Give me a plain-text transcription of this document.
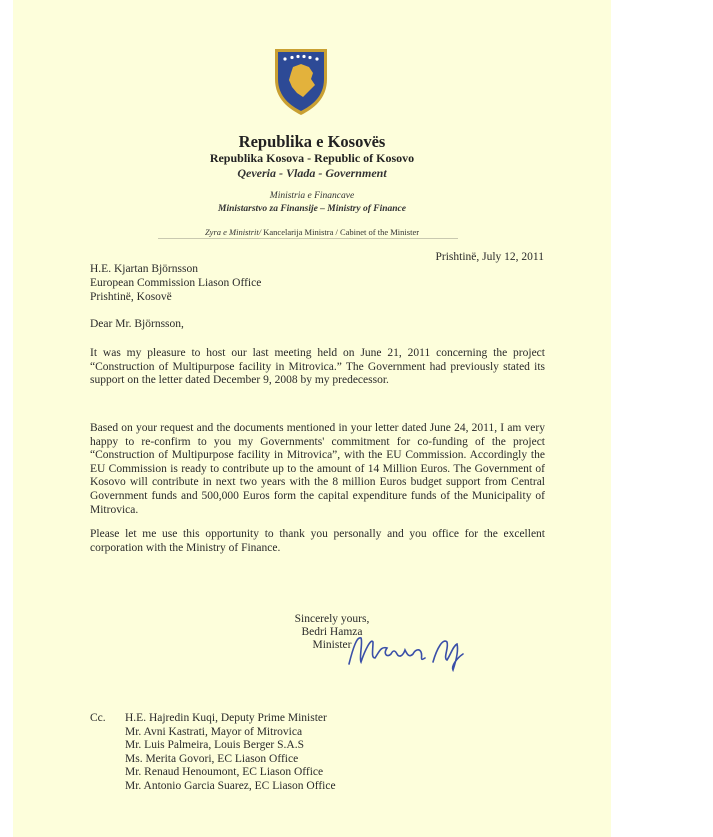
Republika e Kosovës
Republika Kosova - Republic of Kosovo
Qeveria - Vlada - Government
Ministria e Financave
Ministarstvo za Finansije – Ministry of Finance
Zyra e Ministrit/ Kancelarija Ministra / Cabinet of the Minister
Prishtinë, July 12, 2011
H.E. Kjartan Björnsson
European Commission Liason Office
Prishtinë, Kosovë
Dear Mr. Björnsson,

It was my pleasure to host our last meeting held on June 21, 2011 concerning the project “Construction of Multipurpose facility in Mitrovica.” The Government had previously stated its support on the letter dated December 9, 2008 by my predecessor.

Based on your request and the documents mentioned in your letter dated June 24, 2011, I am very happy to re-confirm to you my Governments' commitment for co-funding of the project “Construction of Multipurpose facility in Mitrovica”, with the EU Commission. Accordingly the EU Commission is ready to contribute up to the amount of 14 Million Euros. The Government of Kosovo will contribute in next two years with the 8 million Euros budget support from Central Government funds and 500,000 Euros form the capital expenditure funds of the Municipality of Mitrovica.

Please let me use this opportunity to thank you personally and you office for the excellent corporation with the Ministry of Finance.

Sincerely yours,
Bedri Hamza
Minister
Cc. H.E. Hajredin Kuqi, Deputy Prime Minister
Mr. Avni Kastrati, Mayor of Mitrovica
Mr. Luis Palmeira, Louis Berger S.A.S
Ms. Merita Govori, EC Liason Office
Mr. Renaud Henoumont, EC Liason Office
Mr. Antonio Garcia Suarez, EC Liason Office
